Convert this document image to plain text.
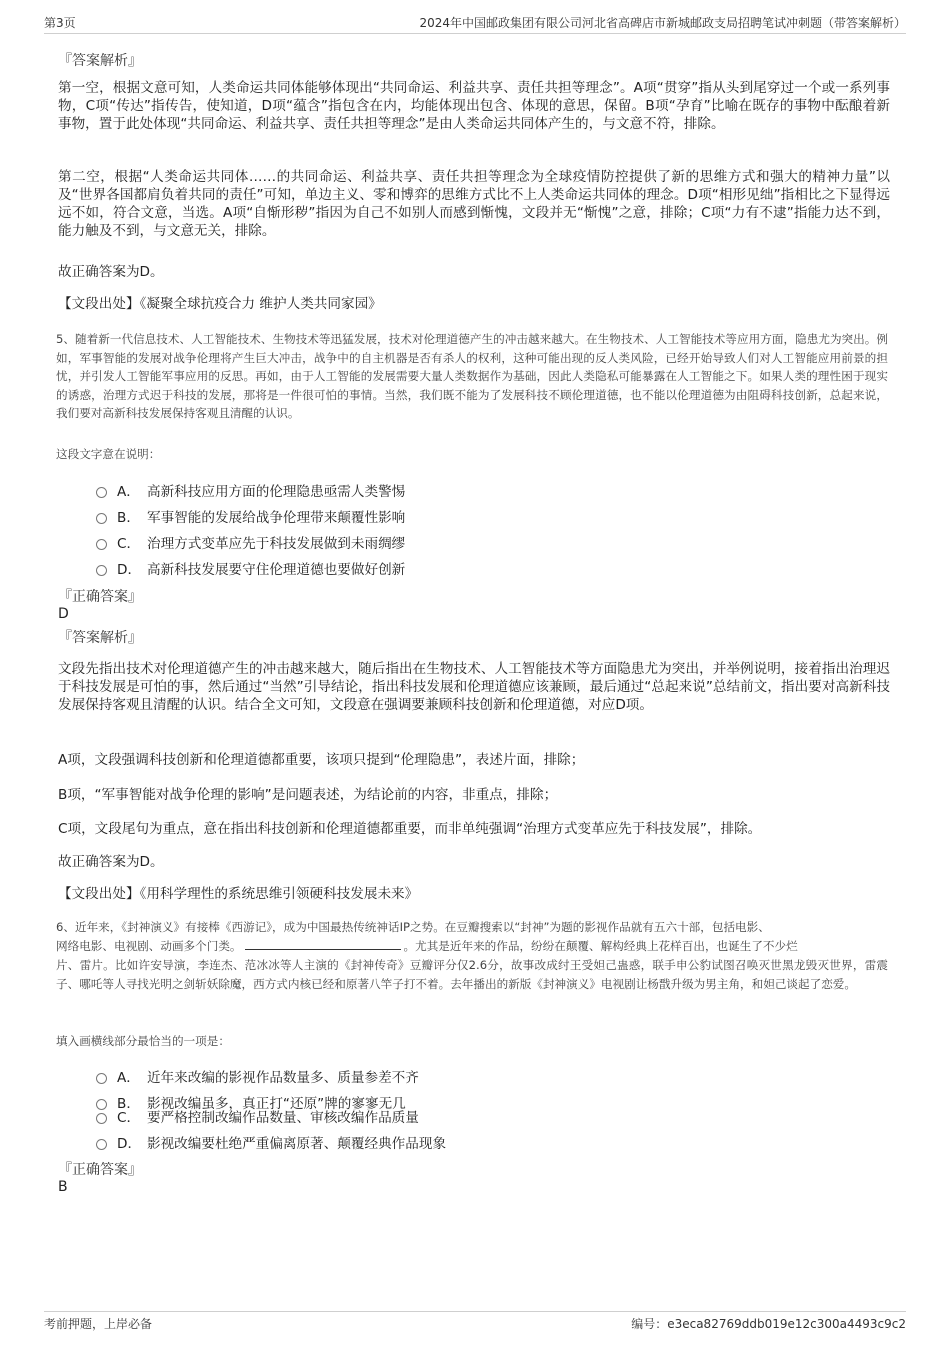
第3页	2024年中国邮政集团有限公司河北省高碑店市新城邮政支局招聘笔试冲刺题（带答案解析）
『答案解析』
第一空，根据文意可知，人类命运共同体能够体现出“共同命运、利益共享、责任共担等理念”。A项“贯穿”指从头到尾穿过一个或一系列事物，C项“传达”指传告，使知道，D项“蕴含”指包含在内，均能体现出包含、体现的意思，保留。B项“孕育”比喻在既存的事物中酝酿着新事物，置于此处体现“共同命运、利益共享、责任共担等理念”是由人类命运共同体产生的，与文意不符，排除。
第二空，根据“人类命运共同体……的共同命运、利益共享、责任共担等理念为全球疫情防控提供了新的思维方式和强大的精神力量”以及“世界各国都肩负着共同的责任”可知，单边主义、零和博弈的思维方式比不上人类命运共同体的理念。D项“相形见绌”指相比之下显得远远不如，符合文意，当选。A项“自惭形秽”指因为自己不如别人而感到惭愧，文段并无“惭愧”之意，排除；C项“力有不逮”指能力达不到，能力触及不到，与文意无关，排除。
故正确答案为D。
【文段出处】《凝聚全球抗疫合力 维护人类共同家园》
5、随着新一代信息技术、人工智能技术、生物技术等迅猛发展，技术对伦理道德产生的冲击越来越大。在生物技术、人工智能技术等应用方面，隐患尤为突出。例如，军事智能的发展对战争伦理将产生巨大冲击，战争中的自主机器是否有杀人的权利，这种可能出现的反人类风险，已经开始导致人们对人工智能应用前景的担忧，并引发人工智能军事应用的反思。再如，由于人工智能的发展需要大量人类数据作为基础，因此人类隐私可能暴露在人工智能之下。如果人类的理性困于现实的诱惑，治理方式迟于科技的发展，那将是一件很可怕的事情。当然，我们既不能为了发展科技不顾伦理道德，也不能以伦理道德为由阻碍科技创新，总起来说，我们要对高新科技发展保持客观且清醒的认识。
这段文字意在说明：
A． 高新科技应用方面的伦理隐患亟需人类警惕
B． 军事智能的发展给战争伦理带来颠覆性影响
C． 治理方式变革应先于科技发展做到未雨绸缪
D． 高新科技发展要守住伦理道德也要做好创新
『正确答案』
D
『答案解析』
文段先指出技术对伦理道德产生的冲击越来越大，随后指出在生物技术、人工智能技术等方面隐患尤为突出，并举例说明，接着指出治理迟于科技发展是可怕的事，然后通过“当然”引导结论，指出科技发展和伦理道德应该兼顾，最后通过“总起来说”总结前文，指出要对高新科技发展保持客观且清醒的认识。结合全文可知，文段意在强调要兼顾科技创新和伦理道德，对应D项。
A项，文段强调科技创新和伦理道德都重要，该项只提到“伦理隐患”，表述片面，排除；
B项，“军事智能对战争伦理的影响”是问题表述，为结论前的内容，非重点，排除；
C项，文段尾句为重点，意在指出科技创新和伦理道德都重要，而非单纯强调“治理方式变革应先于科技发展”，排除。
故正确答案为D。
【文段出处】《用科学理性的系统思维引领硬科技发展未来》
6、近年来，《封神演义》有接棒《西游记》，成为中国最热传统神话IP之势。在豆瓣搜索以“封神”为题的影视作品就有五六十部，包括电影、
网络电影、电视剧、动画多个门类。	。尤其是近年来的作品，纷纷在颠覆、解构经典上花样百出，也诞生了不少烂
片、雷片。比如许安导演，李连杰、范冰冰等人主演的《封神传奇》豆瓣评分仅2.6分，故事改成纣王受妲己蛊惑，联手申公豹试图召唤灭世黑龙毁灭世界，雷震子、哪吒等人寻找光明之剑斩妖除魔，西方式内核已经和原著八竿子打不着。去年播出的新版《封神演义》电视剧让杨戬升级为男主角，和妲己谈起了恋爱。
填入画横线部分最恰当的一项是：
A． 近年来改编的影视作品数量多、质量参差不齐
B． 影视改编虽多，真正打“还原”牌的寥寥无几
C． 要严格控制改编作品数量、审核改编作品质量
D． 影视改编要杜绝严重偏离原著、颠覆经典作品现象
『正确答案』
B
考前押题，上岸必备	编号：e3eca82769ddb019e12c300a4493c9c2
